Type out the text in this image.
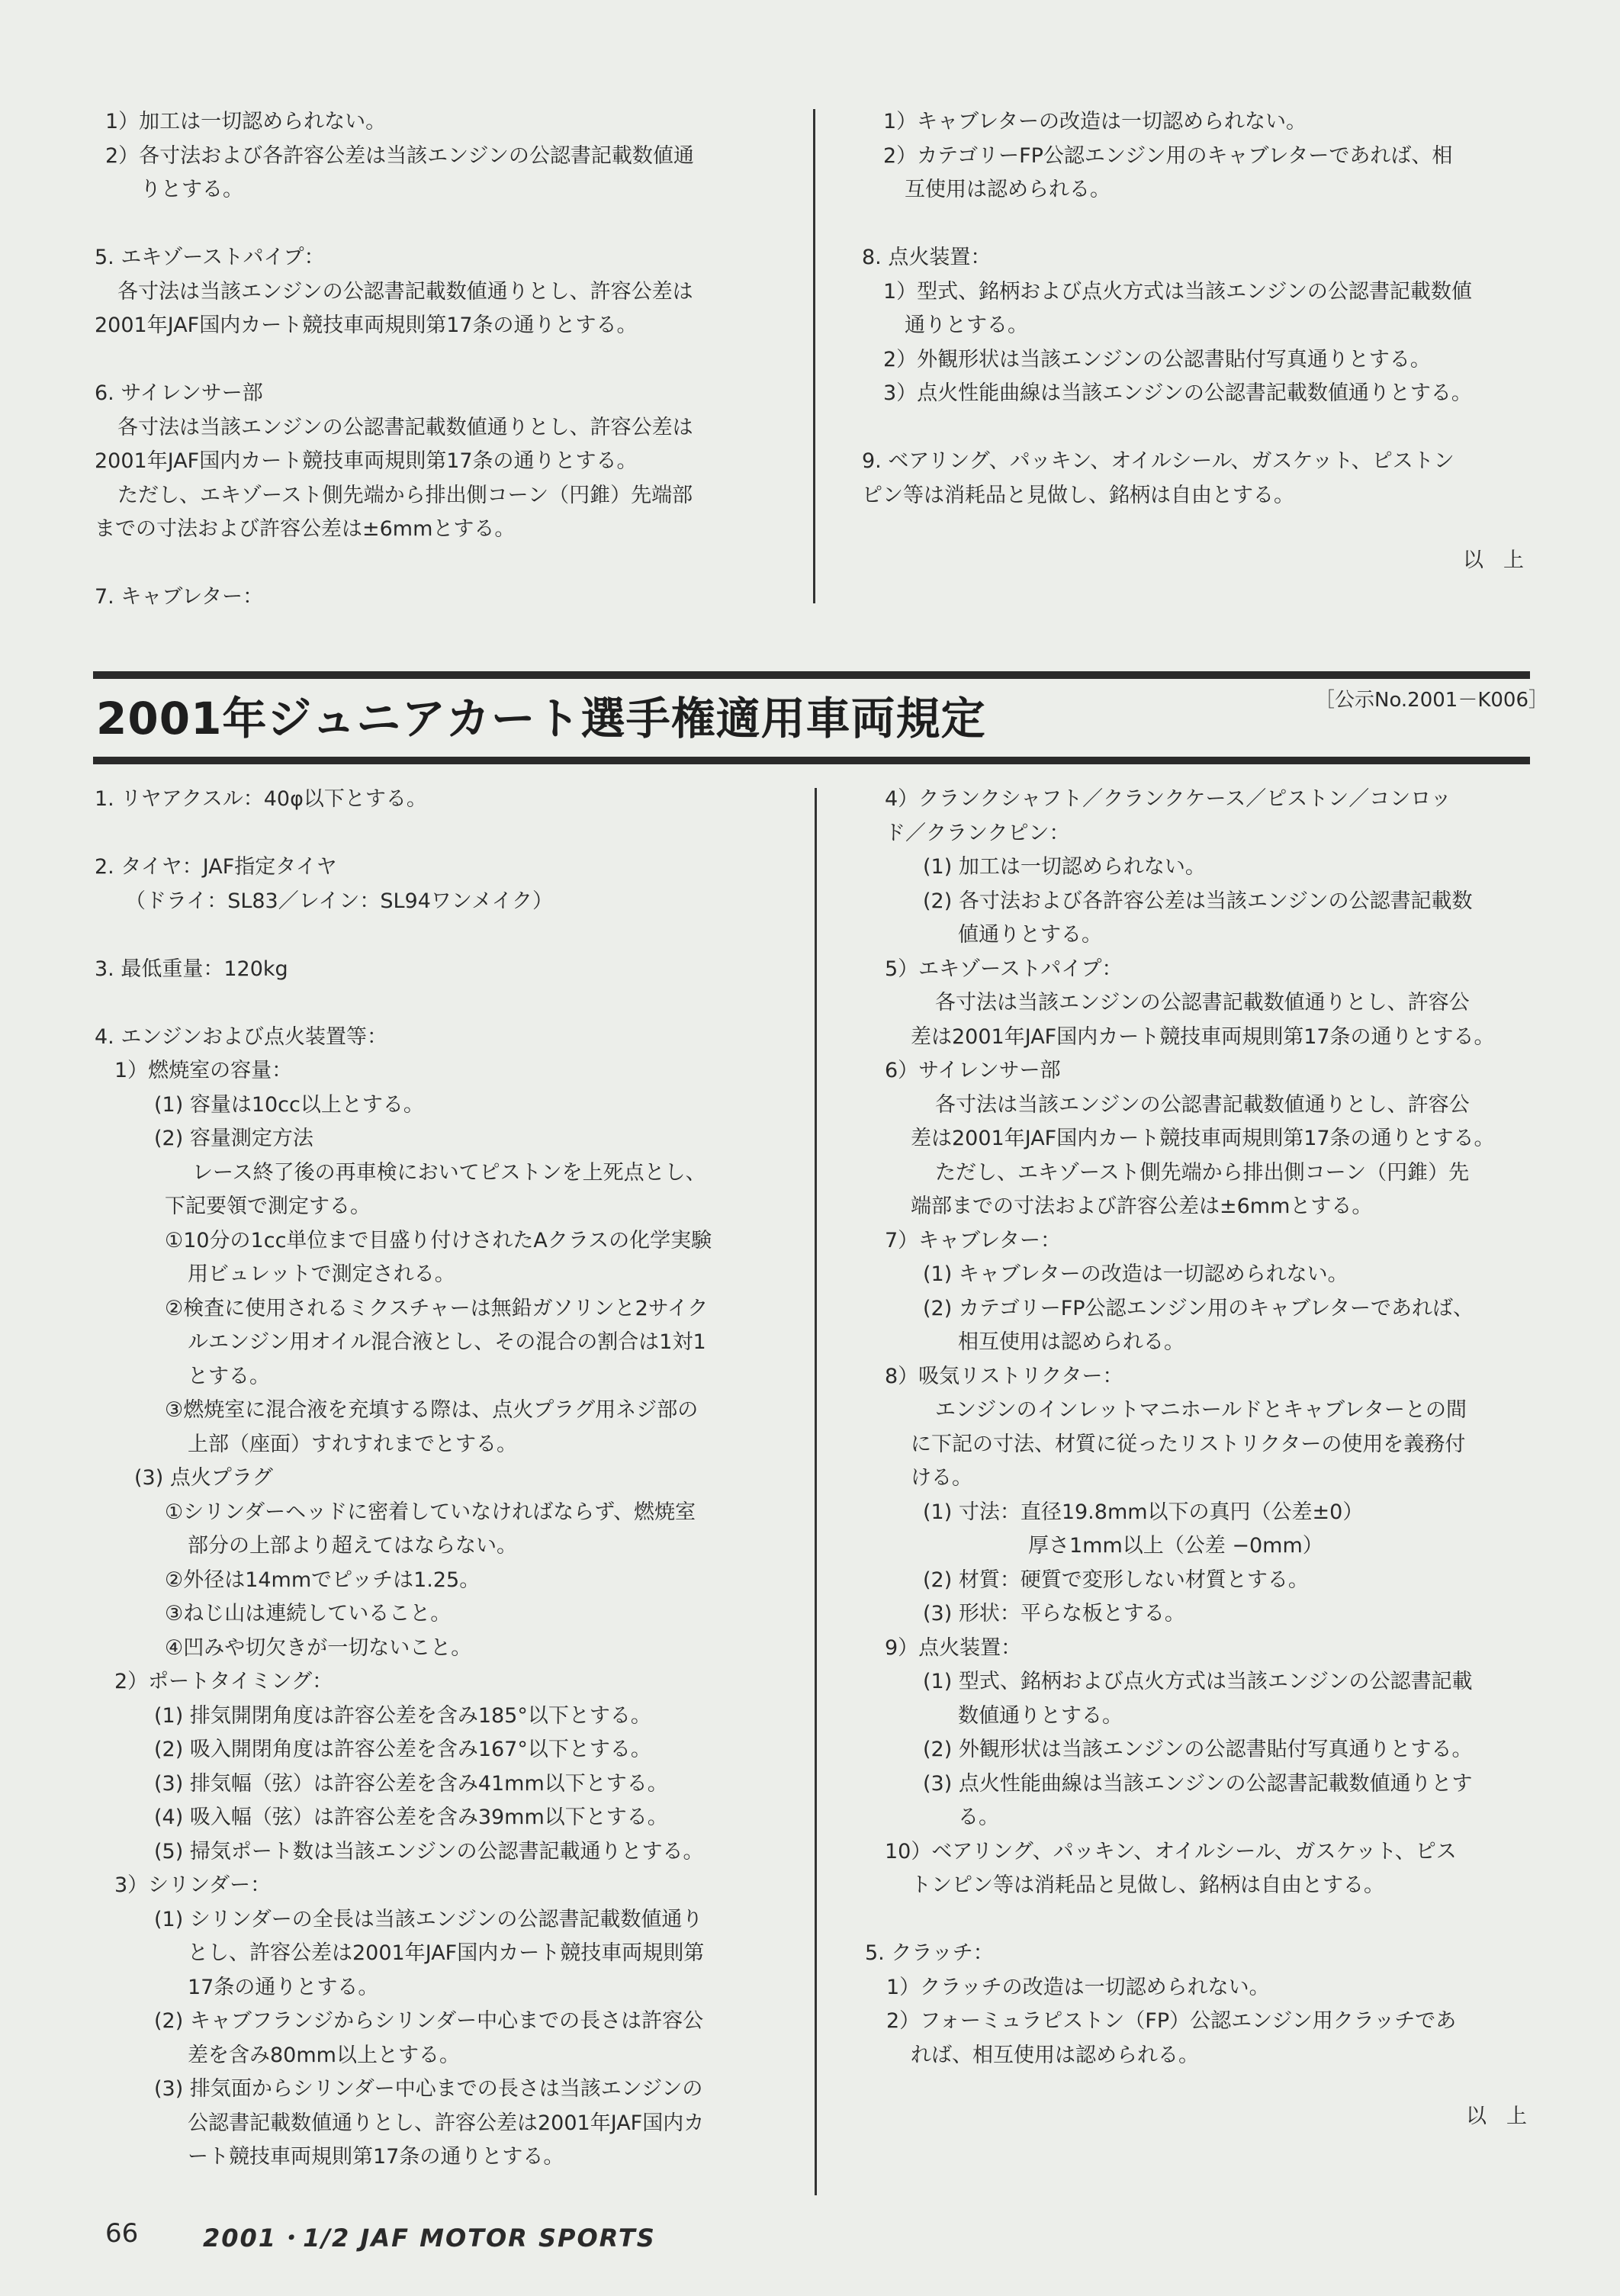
1）加工は一切認められない。
2）各寸法および各許容公差は当該エンジンの公認書記載数値通
りとする。
5. エキゾーストパイプ：
各寸法は当該エンジンの公認書記載数値通りとし、許容公差は
2001年JAF国内カート競技車両規則第17条の通りとする。
6. サイレンサー部
各寸法は当該エンジンの公認書記載数値通りとし、許容公差は
2001年JAF国内カート競技車両規則第17条の通りとする。
ただし、エキゾースト側先端から排出側コーン（円錐）先端部
までの寸法および許容公差は±6mmとする。
7. キャブレター：
1）キャブレターの改造は一切認められない。
2）カテゴリーFP公認エンジン用のキャブレターであれば、相
互使用は認められる。
8. 点火装置：
1）型式、銘柄および点火方式は当該エンジンの公認書記載数値
通りとする。
2）外観形状は当該エンジンの公認書貼付写真通りとする。
3）点火性能曲線は当該エンジンの公認書記載数値通りとする。
9. ベアリング、パッキン、オイルシール、ガスケット、ピストン
ピン等は消耗品と見做し、銘柄は自由とする。
以上
2001年ジュニアカート選手権適用車両規定	［公示No.2001－K006］
1. リヤアクスル：40φ以下とする。
2. タイヤ：JAF指定タイヤ
（ドライ：SL83／レイン：SL94ワンメイク）
3. 最低重量：120kg
4. エンジンおよび点火装置等：
1）燃焼室の容量：
(1) 容量は10cc以上とする。
(2) 容量測定方法
レース終了後の再車検においてピストンを上死点とし、
下記要領で測定する。
①10分の1cc単位まで目盛り付けされたAクラスの化学実験
用ビュレットで測定される。
②検査に使用されるミクスチャーは無鉛ガソリンと2サイク
ルエンジン用オイル混合液とし、その混合の割合は1対1
とする。
③燃焼室に混合液を充填する際は、点火プラグ用ネジ部の
上部（座面）すれすれまでとする。
(3) 点火プラグ
①シリンダーヘッドに密着していなければならず、燃焼室
部分の上部より超えてはならない。
②外径は14mmでピッチは1.25。
③ねじ山は連続していること。
④凹みや切欠きが一切ないこと。
2）ポートタイミング：
(1) 排気開閉角度は許容公差を含み185°以下とする。
(2) 吸入開閉角度は許容公差を含み167°以下とする。
(3) 排気幅（弦）は許容公差を含み41mm以下とする。
(4) 吸入幅（弦）は許容公差を含み39mm以下とする。
(5) 掃気ポート数は当該エンジンの公認書記載通りとする。
3）シリンダー：
(1) シリンダーの全長は当該エンジンの公認書記載数値通り
とし、許容公差は2001年JAF国内カート競技車両規則第
17条の通りとする。
(2) キャブフランジからシリンダー中心までの長さは許容公
差を含み80mm以上とする。
(3) 排気面からシリンダー中心までの長さは当該エンジンの
公認書記載数値通りとし、許容公差は2001年JAF国内カ
ート競技車両規則第17条の通りとする。
4）クランクシャフト／クランクケース／ピストン／コンロッ
ド／クランクピン：
(1) 加工は一切認められない。
(2) 各寸法および各許容公差は当該エンジンの公認書記載数
値通りとする。
5）エキゾーストパイプ：
各寸法は当該エンジンの公認書記載数値通りとし、許容公
差は2001年JAF国内カート競技車両規則第17条の通りとする。
6）サイレンサー部
各寸法は当該エンジンの公認書記載数値通りとし、許容公
差は2001年JAF国内カート競技車両規則第17条の通りとする。
ただし、エキゾースト側先端から排出側コーン（円錐）先
端部までの寸法および許容公差は±6mmとする。
7）キャブレター：
(1) キャブレターの改造は一切認められない。
(2) カテゴリーFP公認エンジン用のキャブレターであれば、
相互使用は認められる。
8）吸気リストリクター：
エンジンのインレットマニホールドとキャブレターとの間
に下記の寸法、材質に従ったリストリクターの使用を義務付
ける。
(1) 寸法：直径19.8mm以下の真円（公差±0）
厚さ1mm以上（公差 −0mm）
(2) 材質：硬質で変形しない材質とする。
(3) 形状：平らな板とする。
9）点火装置：
(1) 型式、銘柄および点火方式は当該エンジンの公認書記載
数値通りとする。
(2) 外観形状は当該エンジンの公認書貼付写真通りとする。
(3) 点火性能曲線は当該エンジンの公認書記載数値通りとす
る。
10）ベアリング、パッキン、オイルシール、ガスケット、ピス
トンピン等は消耗品と見做し、銘柄は自由とする。
5. クラッチ：
1）クラッチの改造は一切認められない。
2）フォーミュラピストン（FP）公認エンジン用クラッチであ
れば、相互使用は認められる。
以上
66	2001・1/2 JAF MOTOR SPORTS
